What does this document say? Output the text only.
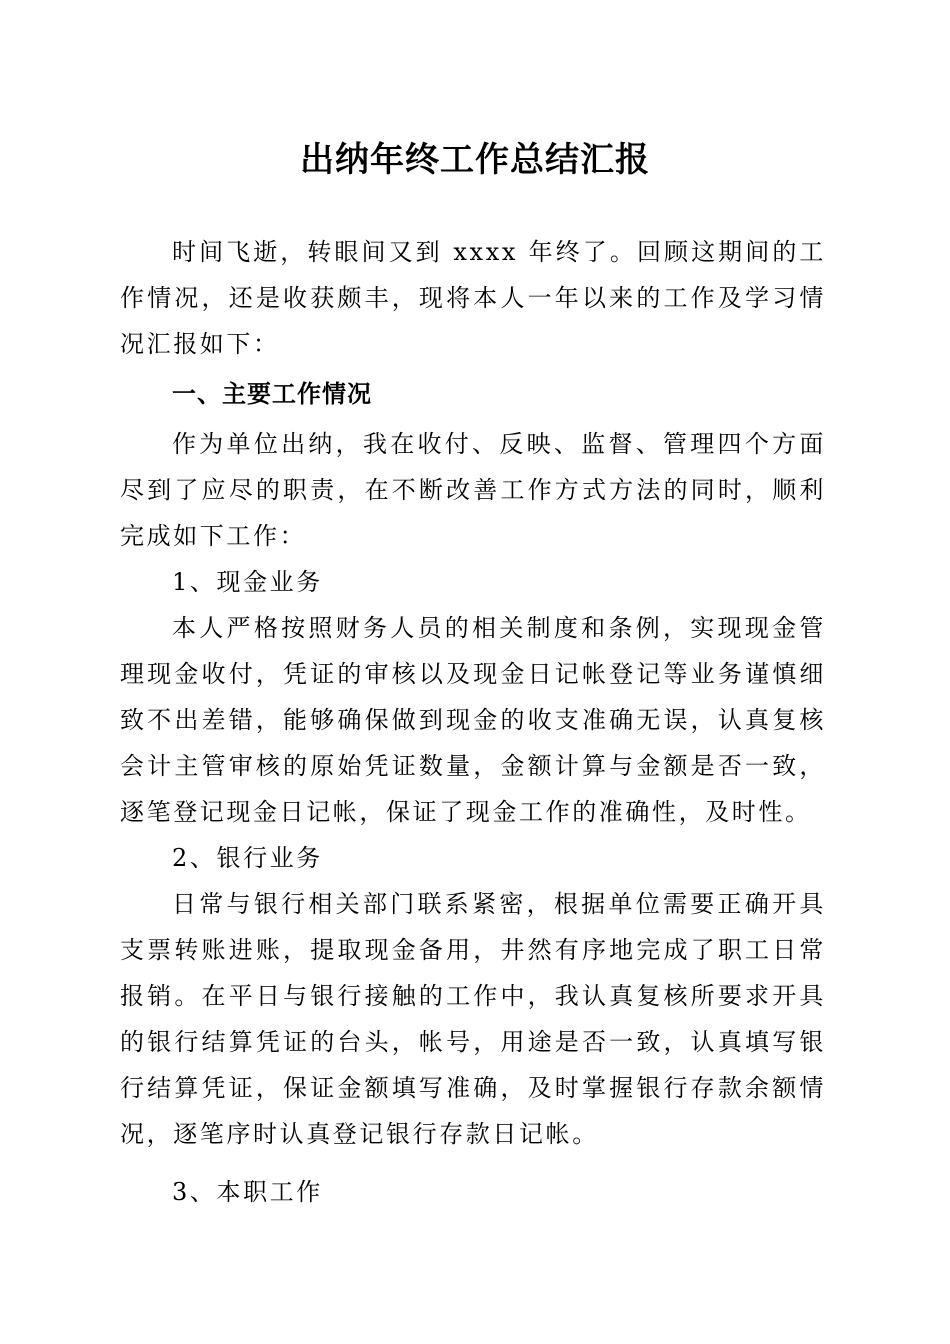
出纳年终工作总结汇报

时间飞逝，转眼间又到 xxxx 年终了。回顾这期间的工作情况，还是收获颇丰，现将本人一年以来的工作及学习情况汇报如下：

一、主要工作情况

作为单位出纳，我在收付、反映、监督、管理四个方面尽到了应尽的职责，在不断改善工作方式方法的同时，顺利完成如下工作：

1、现金业务

本人严格按照财务人员的相关制度和条例，实现现金管理现金收付，凭证的审核以及现金日记帐登记等业务谨慎细致不出差错，能够确保做到现金的收支准确无误，认真复核会计主管审核的原始凭证数量，金额计算与金额是否一致，逐笔登记现金日记帐，保证了现金工作的准确性，及时性。

2、银行业务

日常与银行相关部门联系紧密，根据单位需要正确开具支票转账进账，提取现金备用，井然有序地完成了职工日常报销。在平日与银行接触的工作中，我认真复核所要求开具的银行结算凭证的台头，帐号，用途是否一致，认真填写银行结算凭证，保证金额填写准确，及时掌握银行存款余额情况，逐笔序时认真登记银行存款日记帐。

3、本职工作
